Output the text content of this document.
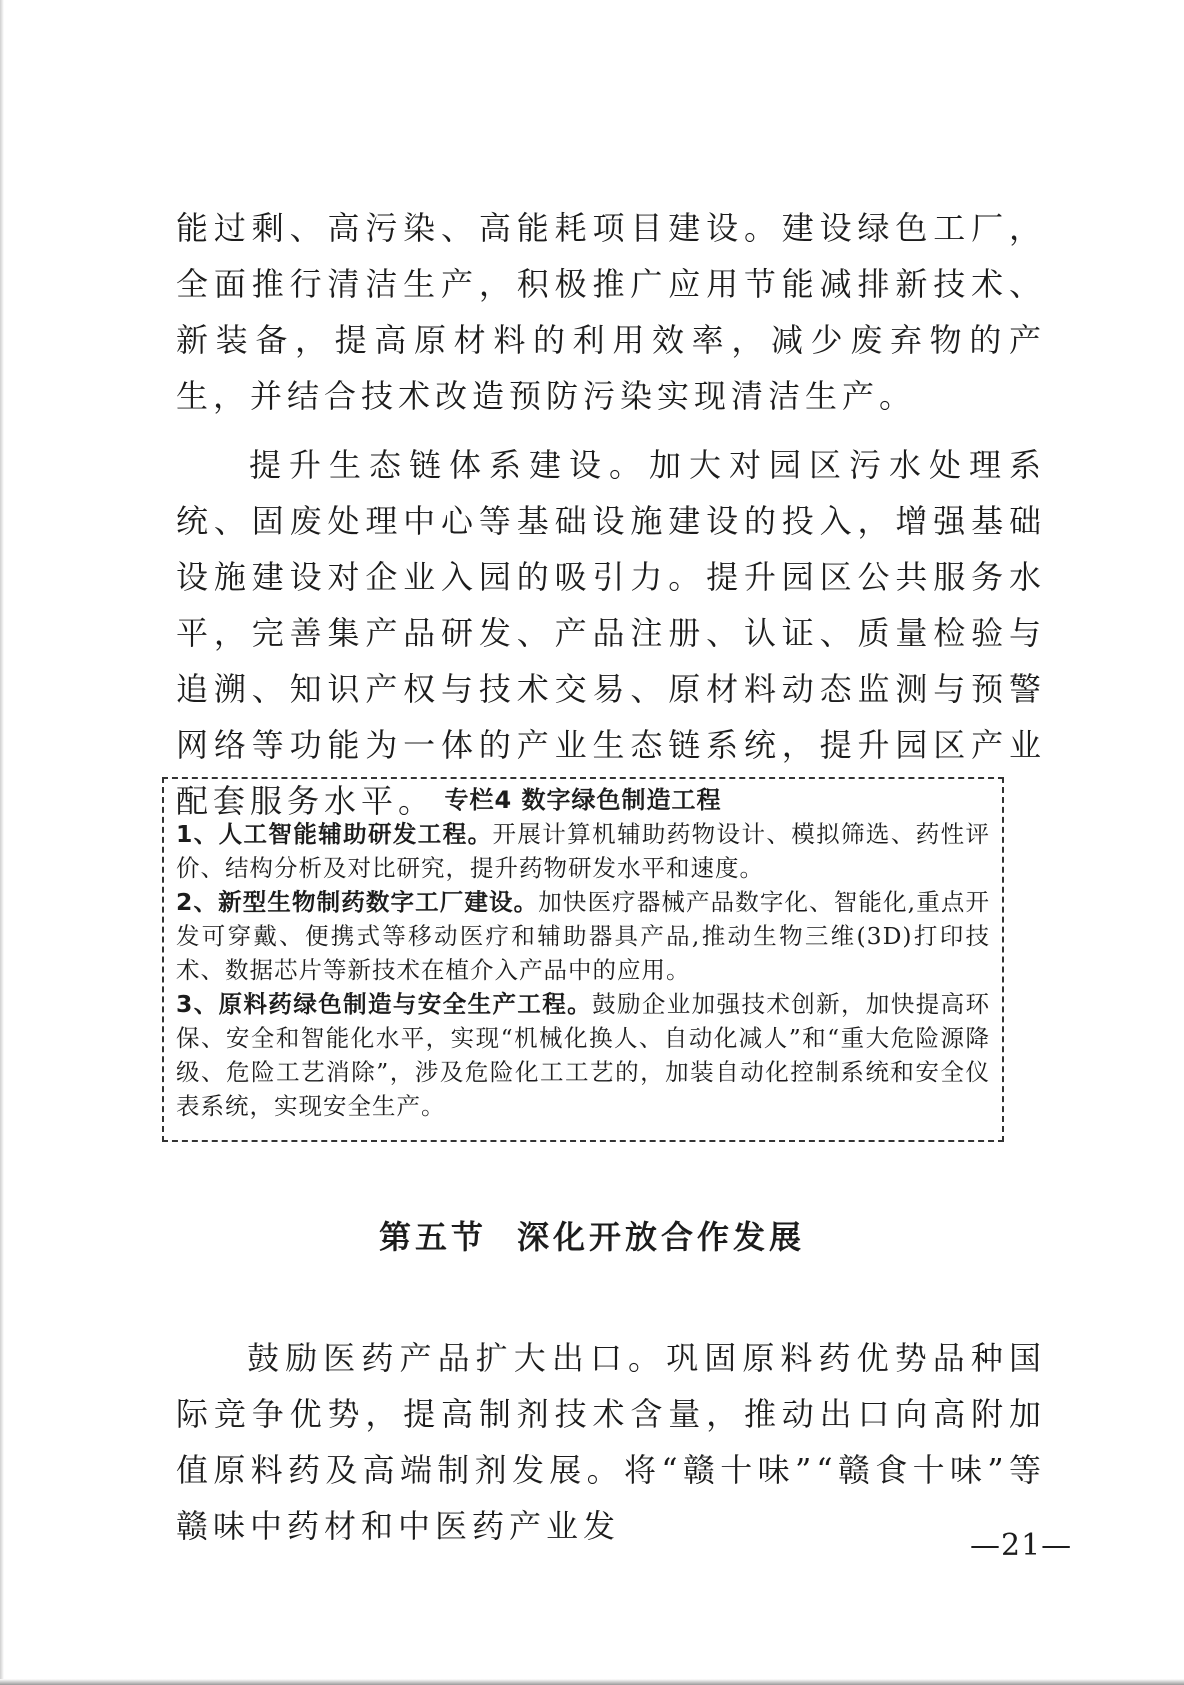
能过剩、高污染、高能耗项目建设。建设绿色工厂，全面推行清洁生产，积极推广应用节能减排新技术、新装备，提高原材料的利用效率，减少废弃物的产生，并结合技术改造预防污染实现清洁生产。

提升生态链体系建设。加大对园区污水处理系统、固废处理中心等基础设施建设的投入，增强基础设施建设对企业入园的吸引力。提升园区公共服务水平，完善集产品研发、产品注册、认证、质量检验与追溯、知识产权与技术交易、原材料动态监测与预警网络等功能为一体的产业生态链系统，提升园区产业配套服务水平。 专栏4 数字绿色制造工程

1、人工智能辅助研发工程。开展计算机辅助药物设计、模拟筛选、药性评价、结构分析及对比研究，提升药物研发水平和速度。

2、新型生物制药数字工厂建设。加快医疗器械产品数字化、智能化,重点开发可穿戴、便携式等移动医疗和辅助器具产品,推动生物三维(3D)打印技术、数据芯片等新技术在植介入产品中的应用。

3、原料药绿色制造与安全生产工程。鼓励企业加强技术创新，加快提高环保、安全和智能化水平，实现“机械化换人、自动化减人”和“重大危险源降级、危险工艺消除”，涉及危险化工工艺的，加装自动化控制系统和安全仪表系统，实现安全生产。

第五节 深化开放合作发展

鼓励医药产品扩大出口。巩固原料药优势品种国际竞争优势，提高制剂技术含量，推动出口向高附加值原料药及高端制剂发展。将“赣十味”“赣食十味”等赣味中药材和中医药产业发

—21—
